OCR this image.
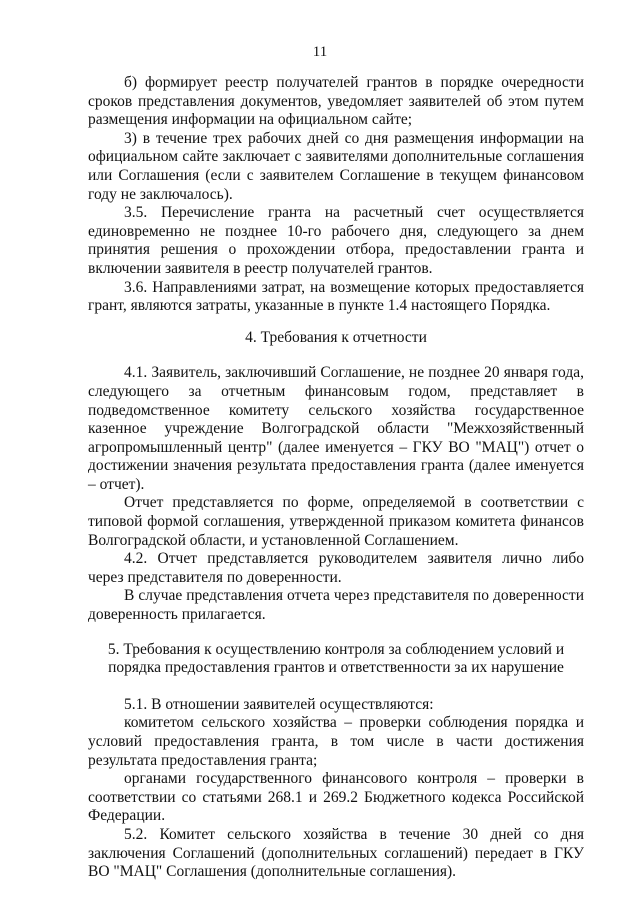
11

б) формирует реестр получателей грантов в порядке очередности сроков представления документов, уведомляет заявителей об этом путем размещения информации на официальном сайте;

3) в течение трех рабочих дней со дня размещения информации на официальном сайте заключает с заявителями дополнительные соглашения или Соглашения (если с заявителем Соглашение в текущем финансовом году не заключалось).

3.5. Перечисление гранта на расчетный счет осуществляется единовременно не позднее 10-го рабочего дня, следующего за днем принятия решения о прохождении отбора, предоставлении гранта и включении заявителя в реестр получателей грантов.

3.6. Направлениями затрат, на возмещение которых предоставляется грант, являются затраты, указанные в пункте 1.4 настоящего Порядка.

4. Требования к отчетности

4.1. Заявитель, заключивший Соглашение, не позднее 20 января года, следующего за отчетным финансовым годом, представляет в подведомственное комитету сельского хозяйства государственное казенное учреждение Волгоградской области "Межхозяйственный агропромышленный центр" (далее именуется – ГКУ ВО "МАЦ") отчет о достижении значения результата предоставления гранта (далее именуется – отчет).

Отчет представляется по форме, определяемой в соответствии с типовой формой соглашения, утвержденной приказом комитета финансов Волгоградской области, и установленной Соглашением.

4.2. Отчет представляется руководителем заявителя лично либо через представителя по доверенности.

В случае представления отчета через представителя по доверенности доверенность прилагается.

5. Требования к осуществлению контроля за соблюдением условий и порядка предоставления грантов и ответственности за их нарушение

5.1. В отношении заявителей осуществляются:

комитетом сельского хозяйства – проверки соблюдения порядка и условий предоставления гранта, в том числе в части достижения результата предоставления гранта;

органами государственного финансового контроля – проверки в соответствии со статьями 268.1 и 269.2 Бюджетного кодекса Российской Федерации.

5.2. Комитет сельского хозяйства в течение 30 дней со дня заключения Соглашений (дополнительных соглашений) передает в ГКУ ВО "МАЦ" Соглашения (дополнительные соглашения).
